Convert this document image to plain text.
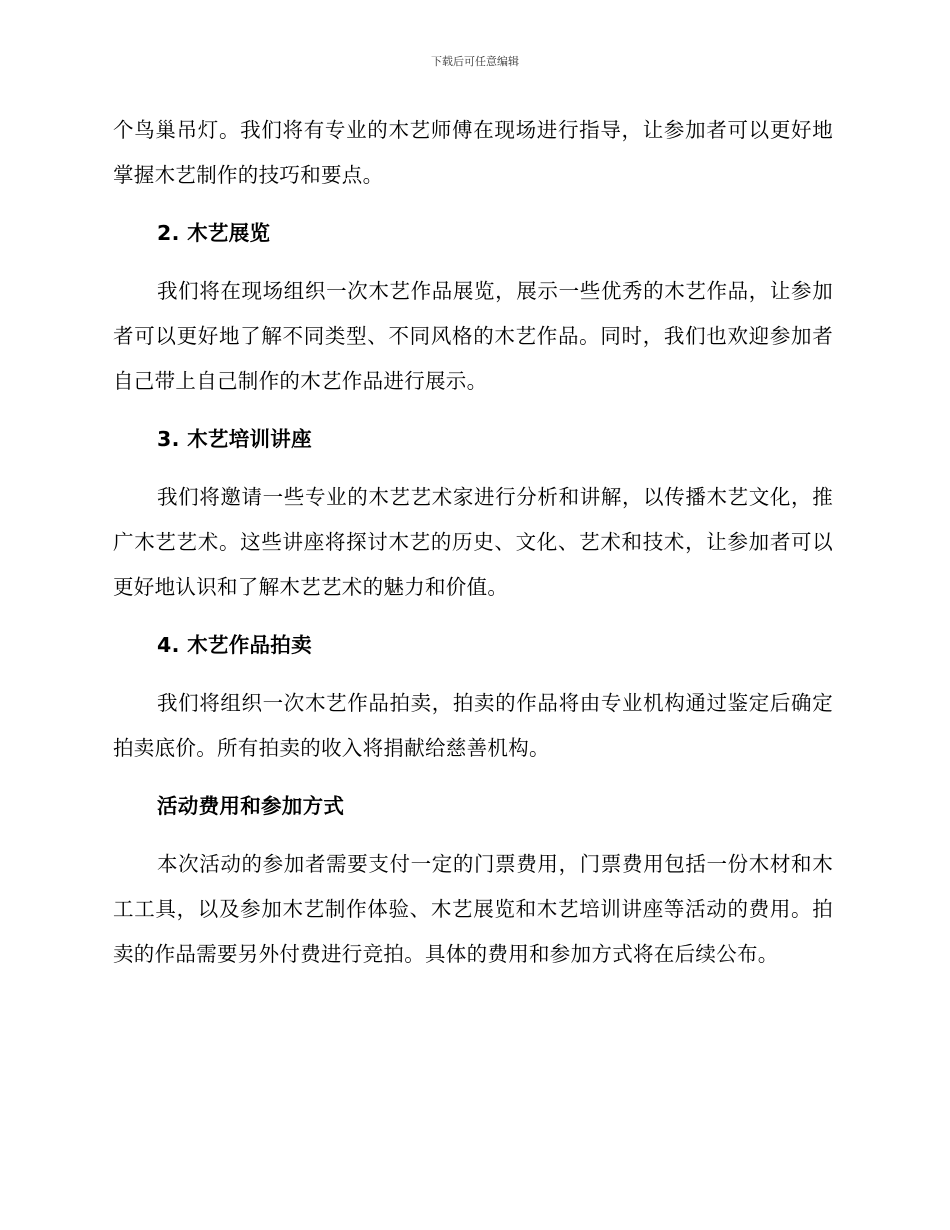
下载后可任意编辑

个鸟巢吊灯。我们将有专业的木艺师傅在现场进行指导，让参加者可以更好地掌握木艺制作的技巧和要点。

2. 木艺展览

我们将在现场组织一次木艺作品展览，展示一些优秀的木艺作品，让参加者可以更好地了解不同类型、不同风格的木艺作品。同时，我们也欢迎参加者自己带上自己制作的木艺作品进行展示。

3. 木艺培训讲座

我们将邀请一些专业的木艺艺术家进行分析和讲解，以传播木艺文化，推广木艺艺术。这些讲座将探讨木艺的历史、文化、艺术和技术，让参加者可以更好地认识和了解木艺艺术的魅力和价值。

4. 木艺作品拍卖

我们将组织一次木艺作品拍卖，拍卖的作品将由专业机构通过鉴定后确定拍卖底价。所有拍卖的收入将捐献给慈善机构。

活动费用和参加方式

本次活动的参加者需要支付一定的门票费用，门票费用包括一份木材和木工工具，以及参加木艺制作体验、木艺展览和木艺培训讲座等活动的费用。拍卖的作品需要另外付费进行竞拍。具体的费用和参加方式将在后续公布。
